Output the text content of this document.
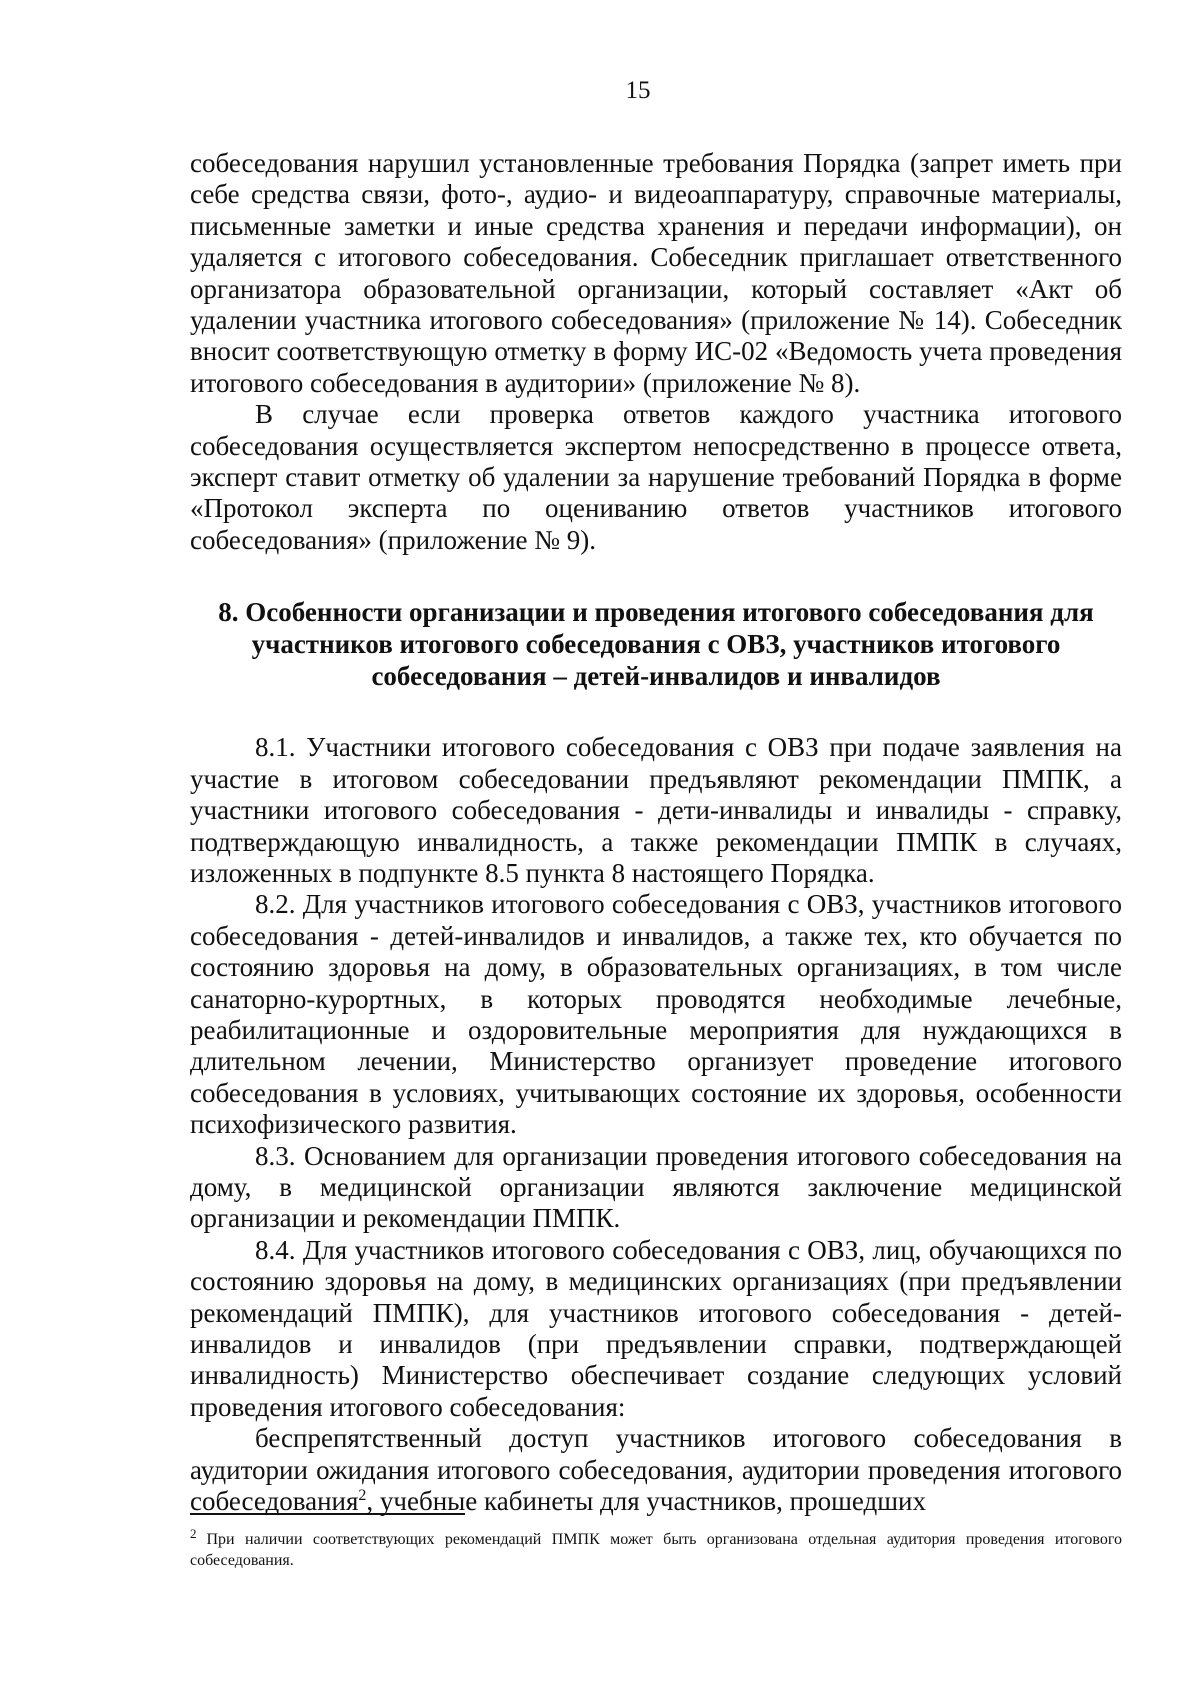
15

собеседования нарушил установленные требования Порядка (запрет иметь при себе средства связи, фото-, аудио- и видеоаппаратуру, справочные материалы, письменные заметки и иные средства хранения и передачи информации), он удаляется с итогового собеседования. Собеседник приглашает ответственного организатора образовательной организации, который составляет «Акт об удалении участника итогового собеседования» (приложение № 14). Собеседник вносит соответствующую отметку в форму ИС-02 «Ведомость учета проведения итогового собеседования в аудитории» (приложение № 8).

В случае если проверка ответов каждого участника итогового собеседования осуществляется экспертом непосредственно в процессе ответа, эксперт ставит отметку об удалении за нарушение требований Порядка в форме «Протокол эксперта по оцениванию ответов участников итогового собеседования» (приложение № 9).

8. Особенности организации и проведения итогового собеседования для участников итогового собеседования с ОВЗ, участников итогового собеседования – детей-инвалидов и инвалидов

8.1. Участники итогового собеседования с ОВЗ при подаче заявления на участие в итоговом собеседовании предъявляют рекомендации ПМПК, а участники итогового собеседования - дети-инвалиды и инвалиды - справку, подтверждающую инвалидность, а также рекомендации ПМПК в случаях, изложенных в подпункте 8.5 пункта 8 настоящего Порядка.

8.2. Для участников итогового собеседования с ОВЗ, участников итогового собеседования - детей-инвалидов и инвалидов, а также тех, кто обучается по состоянию здоровья на дому, в образовательных организациях, в том числе санаторно-курортных, в которых проводятся необходимые лечебные, реабилитационные и оздоровительные мероприятия для нуждающихся в длительном лечении, Министерство организует проведение итогового собеседования в условиях, учитывающих состояние их здоровья, особенности психофизического развития.

8.3. Основанием для организации проведения итогового собеседования на дому, в медицинской организации являются заключение медицинской организации и рекомендации ПМПК.

8.4. Для участников итогового собеседования с ОВЗ, лиц, обучающихся по состоянию здоровья на дому, в медицинских организациях (при предъявлении рекомендаций ПМПК), для участников итогового собеседования - детей-инвалидов и инвалидов (при предъявлении справки, подтверждающей инвалидность) Министерство обеспечивает создание следующих условий проведения итогового собеседования:

беспрепятственный доступ участников итогового собеседования в аудитории ожидания итогового собеседования, аудитории проведения итогового собеседования$^2$, учебные кабинеты для участников, прошедших

$^2$ При наличии соответствующих рекомендаций ПМПК может быть организована отдельная аудитория проведения итогового собеседования.
